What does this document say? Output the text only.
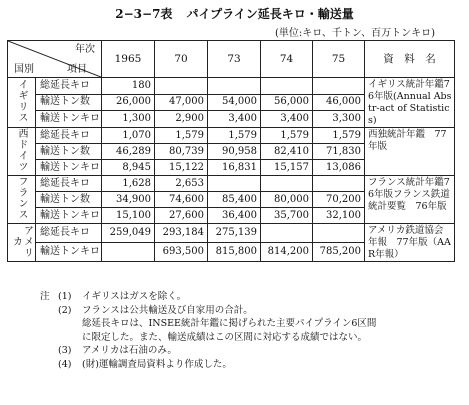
2−3−7表 パイプライン延長キロ・輸送量
(単位:キロ、千トン、百万トンキロ)
年次
国別 項目		1965	70	73	74	75	資　料　名
イギリス	総延長キロ	180					イギリス統計年鑑76年版(Annual Abstr-act of Statistics)
	輸送トン数	26,000	47,000	54,000	56,000	46,000	
	輸送トンキロ	1,300	2,900	3,400	3,400	3,300	
西ドイツ	総延長キロ	1,070	1,579	1,579	1,579	1,579	西独統計年鑑　77年版
	輸送トン数	46,289	80,739	90,958	82,410	71,830	
	輸送トンキロ	8,945	15,122	16,831	15,157	13,086	
フランス	総延長キロ	1,628	2,653				フランス統計年鑑76年版フランス鉄道統計要覧　76年版
	輸送トン数	34,900	74,600	85,400	80,000	70,200	
	輸送トンキロ	15,100	27,600	36,400	35,700	32,100	
アメリカ	総延長キロ	259,049	293,184	275,139			アメリカ鉄道協会年報　77年版（AAR年報）
	輸送トンキロ		693,500	815,800	814,200	785,200	
注 (1)	イギリスはガスを除く。
(2)	フランスは公共輸送及び自家用の合計。
総延長キロは、INSEE統計年鑑に掲げられた主要パイプライン6区間
に限定した。また、輸送成績はこの区間に対応する成績ではない。
(3)	アメリカは石油のみ。
(4)	(財)運輸調査局資料より作成した。
